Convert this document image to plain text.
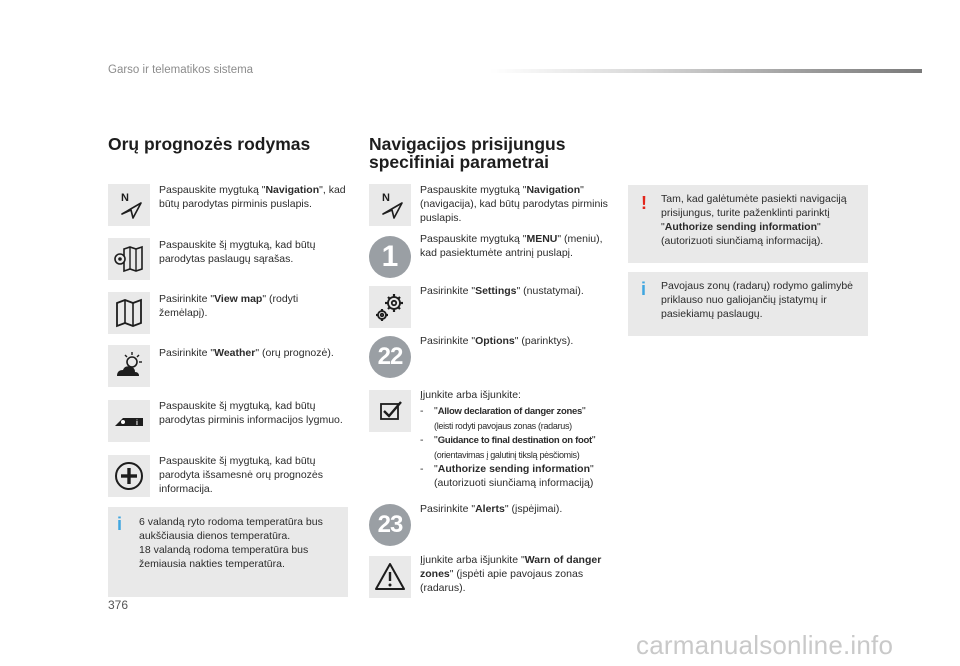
Garso ir telematikos sistema
Orų prognozės rodymas
N
Paspauskite mygtuką "Navigation", kad būtų parodytas pirminis puslapis.
Paspauskite šį mygtuką, kad būtų parodytas paslaugų sąrašas.
Pasirinkite "View map" (rodyti žemėlapį).
Pasirinkite "Weather" (orų prognozė).
i
Paspauskite šį mygtuką, kad būtų parodytas pirminis informacijos lygmuo.
Paspauskite šį mygtuką, kad būtų parodyta išsamesnė orų prognozės informacija.
i 6 valandą ryto rodoma temperatūra bus aukščiausia dienos temperatūra.
18 valandą rodoma temperatūra bus žemiausia nakties temperatūra.
Navigacijos prisijungus
specifiniai parametrai
N
Paspauskite mygtuką "Navigation" (navigacija), kad būtų parodytas pirminis puslapis.
1
Paspauskite mygtuką "MENU" (meniu), kad pasiektumėte antrinį puslapį.
Pasirinkite "Settings" (nustatymai).
22
Pasirinkite "Options" (parinktys).
Įjunkite arba išjunkite:
- "Allow declaration of danger zones"
(leisti rodyti pavojaus zonas (radarus)
- "Guidance to final destination on foot"
(orientavimas į galutinį tikslą pėsčiomis)
- "Authorize sending information"
(autorizuoti siunčiamą informaciją)
23
Pasirinkite "Alerts" (įspėjimai).
Įjunkite arba išjunkite "Warn of danger zones" (įspėti apie pavojaus zonas (radarus).
! Tam, kad galėtumėte pasiekti navigaciją prisijungus, turite paženklinti parinktį "Authorize sending information" (autorizuoti siunčiamą informaciją).
i Pavojaus zonų (radarų) rodymo galimybė priklauso nuo galiojančių įstatymų ir pasiekiamų paslaugų.
376
carmanualsonline.info
